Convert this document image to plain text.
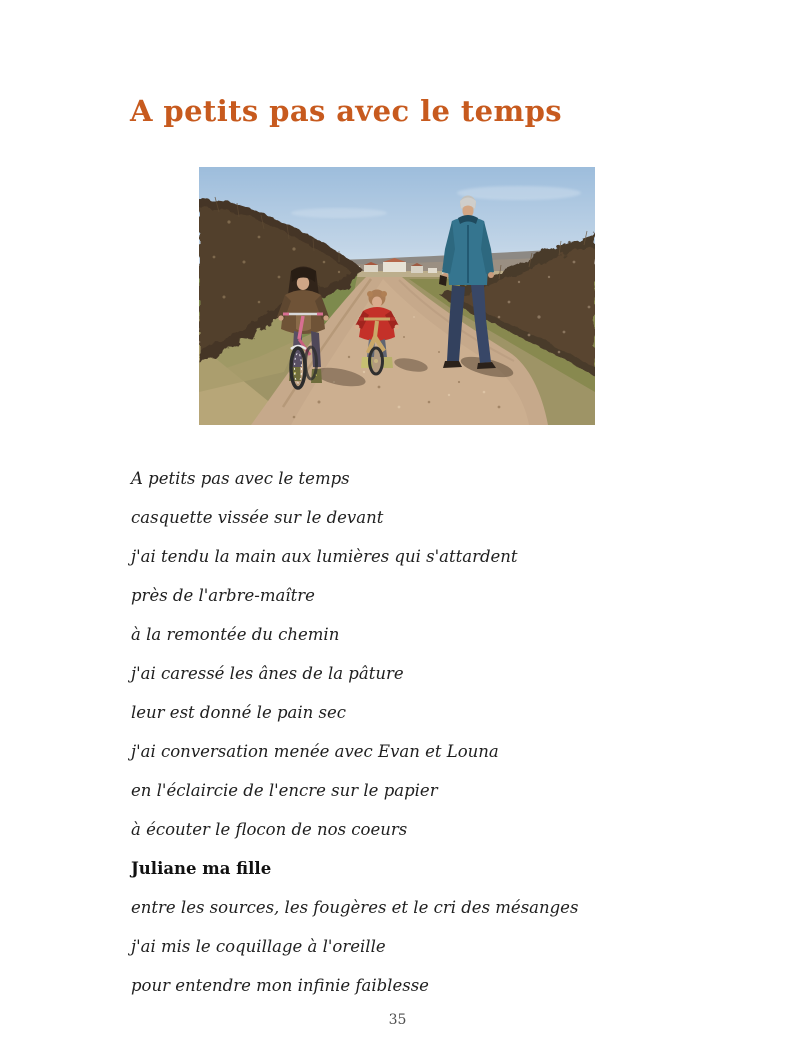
A petits pas avec le temps
A petits pas avec le temps
casquette vissée sur le devant
j'ai tendu la main aux lumières qui s'attardent
près de l'arbre-maître
à la remontée du chemin
j'ai caressé les ânes de la pâture
leur est donné le pain sec
j'ai conversation menée avec Evan et Louna
en l'éclaircie de l'encre sur le papier
à écouter le flocon de nos coeurs
Juliane ma fille
entre les sources, les fougères et le cri des mésanges
j'ai mis le coquillage à l'oreille
pour entendre mon infinie faiblesse
35
